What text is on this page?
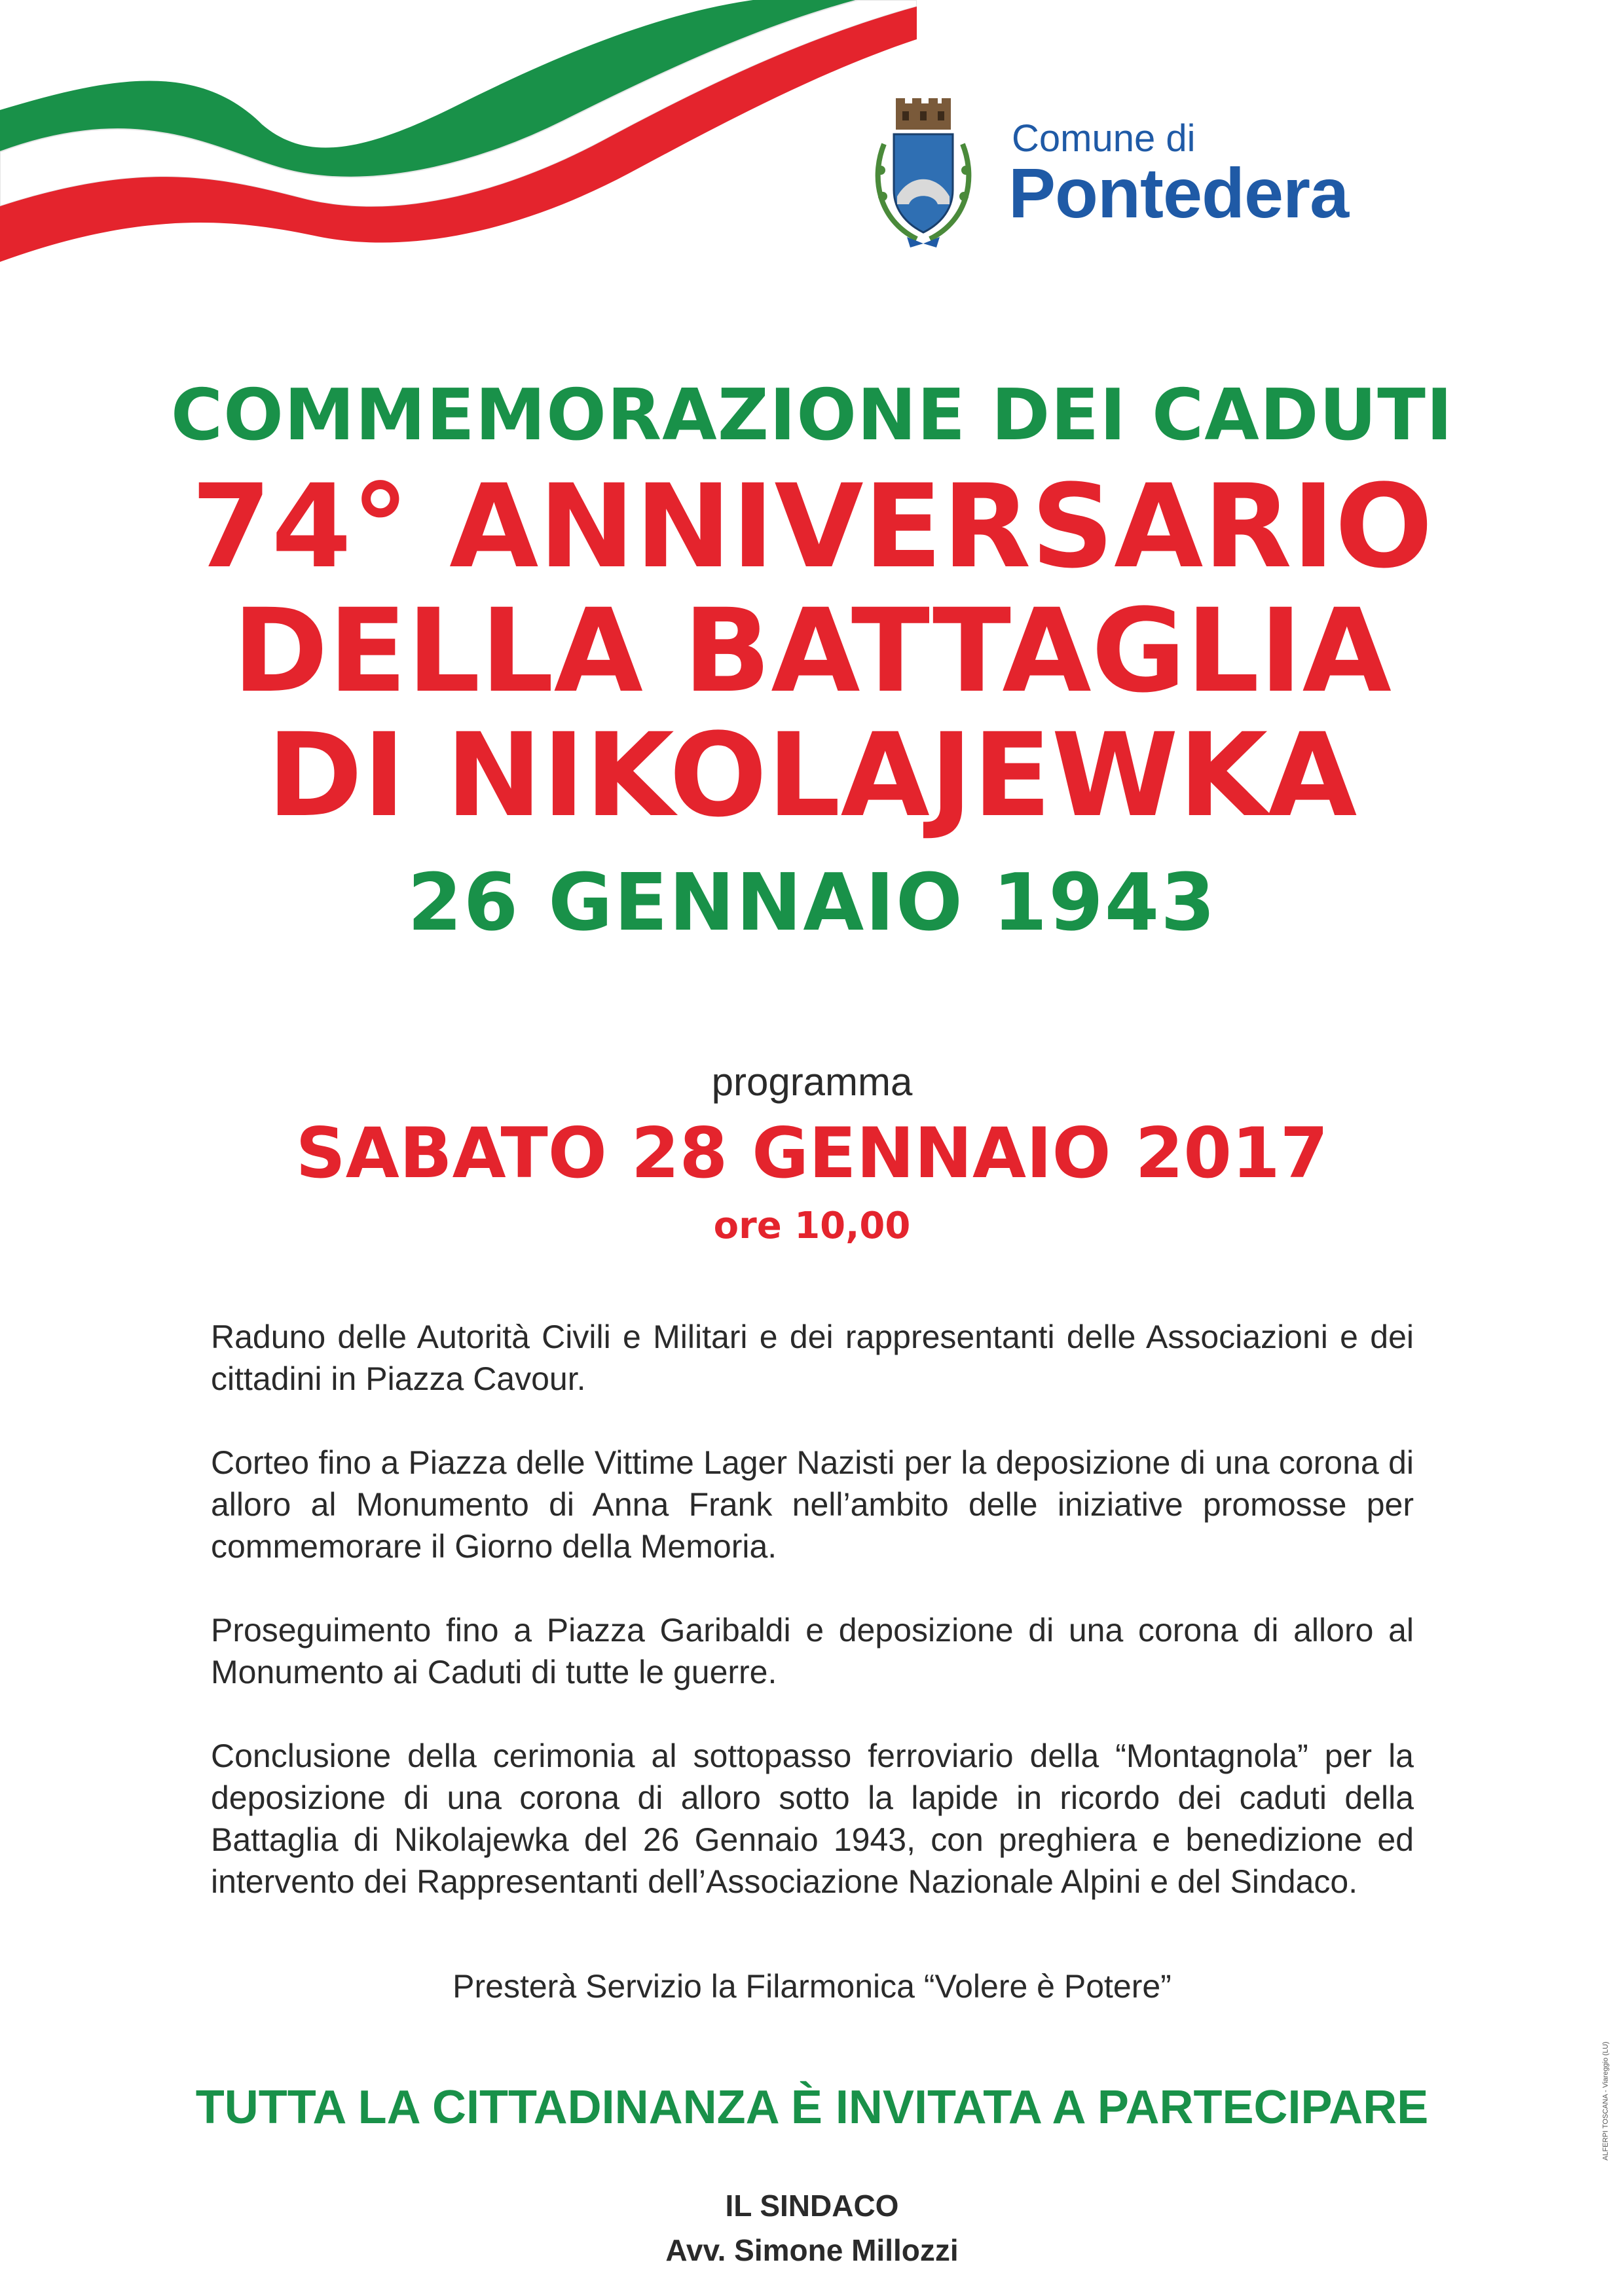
Comune di
Pontedera
COMMEMORAZIONE DEI CADUTI
74° ANNIVERSARIO
DELLA BATTAGLIA
DI NIKOLAJEWKA
26 GENNAIO 1943
programma
SABATO 28 GENNAIO 2017
ore 10,00

Raduno delle Autorità Civili e Militari e dei rappresentanti delle Associazioni e dei cittadini in Piazza Cavour.

Corteo fino a Piazza delle Vittime Lager Nazisti per la deposizione di una corona di alloro al Monumento di Anna Frank nell’ambito delle iniziative promosse per commemorare il Giorno della Memoria.

Proseguimento fino a Piazza Garibaldi e deposizione di una corona di alloro al Monumento ai Caduti di tutte le guerre.

Conclusione della cerimonia al sottopasso ferroviario della “Montagnola” per la deposizione di una corona di alloro sotto la lapide in ricordo dei caduti della Battaglia di Nikolajewka del 26 Gennaio 1943, con preghiera e benedizione ed intervento dei Rappresentanti dell’Associazione Nazionale Alpini e del Sindaco.

Presterà Servizio la Filarmonica “Volere è Potere”
TUTTA LA CITTADINANZA È INVITATA A PARTECIPARE
IL SINDACO
Avv. Simone Millozzi
ALFERPI TOSCANA - Viareggio (LU)
